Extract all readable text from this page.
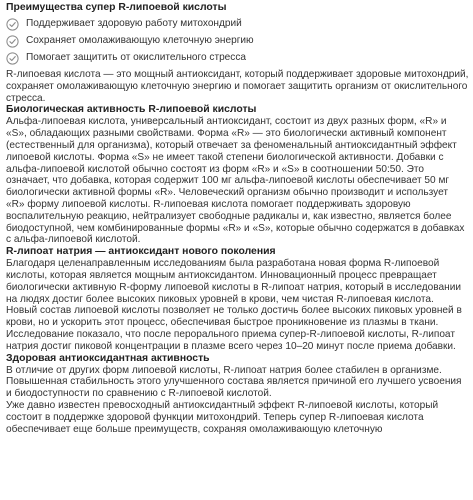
Преимущества супер R-липоевой кислоты
Поддерживает здоровую работу митохондрий
Сохраняет омолаживающую клеточную энергию
Помогает защитить от окислительного стресса

R-липоевая кислота — это мощный антиоксидант, который поддерживает здоровые митохондрий, сохраняет омолаживающую клеточную энергию и помогает защитить организм от окислительного стресса.

Биологическая активность R-липоевой кислоты

Альфа-липоевая кислота, универсальный антиоксидант, состоит из двух разных форм, «R» и «S», обладающих разными свойствами. Форма «R» — это биологически активный компонент (естественный для организма), который отвечает за феноменальный антиоксидантный эффект липоевой кислоты. Форма «S» не имеет такой степени биологической активности. Добавки с альфа-липоевой кислотой обычно состоят из форм «R» и «S» в соотношении 50:50. Это означает, что добавка, которая содержит 100 мг альфа-липоевой кислоты обеспечивает 50 мг биологически активной формы «R». Человеческий организм обычно производит и использует «R» форму липоевой кислоты. R-липоевая кислота помогает поддерживать здоровую воспалительную реакцию, нейтрализует свободные радикалы и, как известно, является более биодоступной, чем комбинированные формы «R» и «S», которые обычно содержатся в добавках с альфа-липоевой кислотой.

R-липоат натрия — антиоксидант нового поколения

Благодаря целенаправленным исследованиям была разработана новая форма R-липоевой кислоты, которая является мощным антиоксидантом. Инновационный процесс превращает биологически активную R-форму липоевой кислоты в R-липоат натрия, который в исследовании на людях достиг более высоких пиковых уровней в крови, чем чистая R-липоевая кислота.

Новый состав липоевой кислоты позволяет не только достичь более высоких пиковых уровней в крови, но и ускорить этот процесс, обеспечивая быстрое проникновение из плазмы в ткани. Исследование показало, что после перорального приема супер-R-липоевой кислоты, R-липоат натрия достиг пиковой концентрации в плазме всего через 10–20 минут после приема добавки.

Здоровая антиоксидантная активность

В отличие от других форм липоевой кислоты, R-липоат натрия более стабилен в организме. Повышенная стабильность этого улучшенного состава является причиной его лучшего усвоения и биодоступности по сравнению с R-липоевой кислотой.

Уже давно известен превосходный антиоксидантный эффект R-липоевой кислоты, который состоит в поддержке здоровой функции митохондрий. Теперь супер R-липоевая кислота обеспечивает еще больше преимуществ, сохраняя омолаживающую клеточную
